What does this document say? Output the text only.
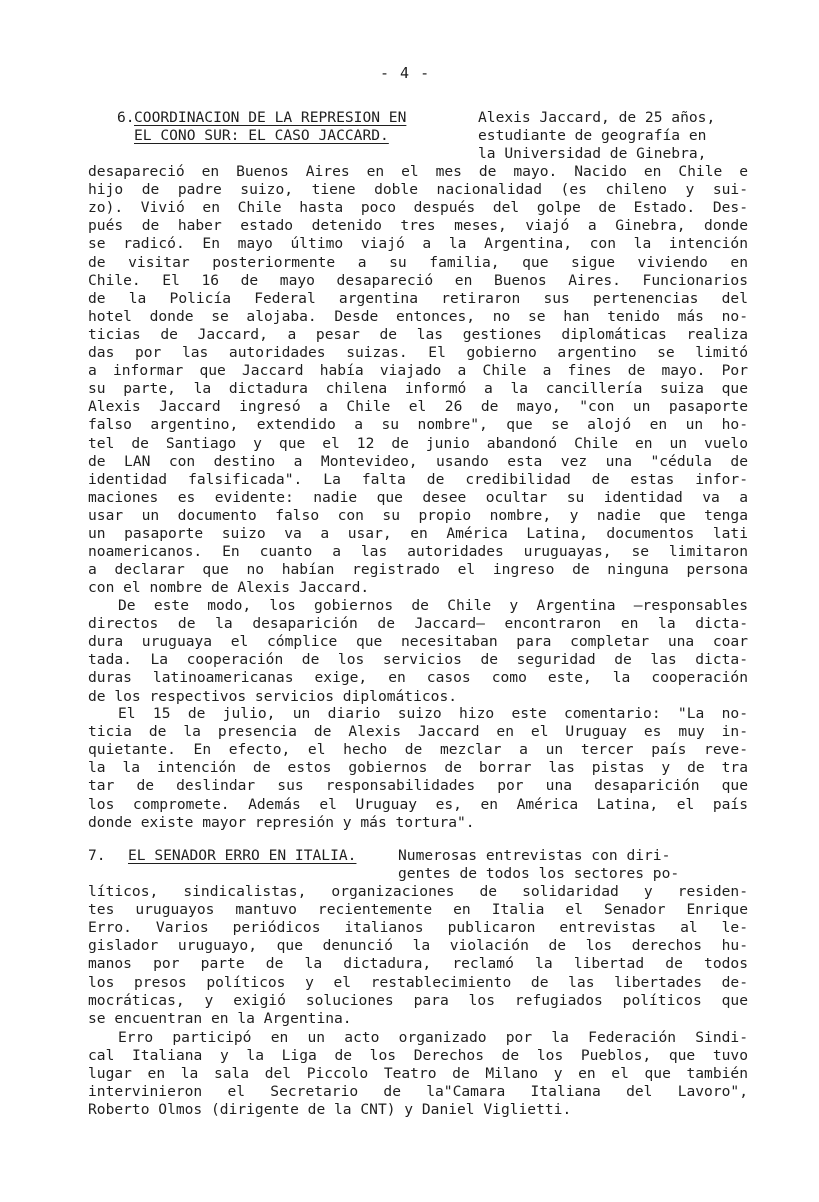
- 4 -
6. COORDINACION DE LA REPRESION EN
EL CONO SUR: EL CASO JACCARD.
Alexis Jaccard, de 25 años,
estudiante de geografía en
la Universidad de Ginebra,
desapareció en Buenos Aires en el mes de mayo. Nacido en Chile e
hijo de padre suizo, tiene doble nacionalidad (es chileno y sui-
zo). Vivió en Chile hasta poco después del golpe de Estado. Des-
pués de haber estado detenido tres meses, viajó a Ginebra, donde
se radicó. En mayo último viajó a la Argentina, con la intención
de visitar posteriormente a su familia, que sigue viviendo en
Chile. El 16 de mayo desapareció en Buenos Aires. Funcionarios
de la Policía Federal argentina retiraron sus pertenencias del
hotel donde se alojaba. Desde entonces, no se han tenido más no-
ticias de Jaccard, a pesar de las gestiones diplomáticas realiza
das por las autoridades suizas. El gobierno argentino se limitó
a informar que Jaccard había viajado a Chile a fines de mayo. Por
su parte, la dictadura chilena informó a la cancillería suiza que
Alexis Jaccard ingresó a Chile el 26 de mayo, "con un pasaporte
falso argentino, extendido a su nombre", que se alojó en un ho-
tel de Santiago y que el 12 de junio abandonó Chile en un vuelo
de LAN con destino a Montevideo, usando esta vez una "cédula de
identidad falsificada". La falta de credibilidad de estas infor-
maciones es evidente: nadie que desee ocultar su identidad va a
usar un documento falso con su propio nombre, y nadie que tenga
un pasaporte suizo va a usar, en América Latina, documentos lati
noamericanos. En cuanto a las autoridades uruguayas, se limitaron
a declarar que no habían registrado el ingreso de ninguna persona
con el nombre de Alexis Jaccard.
De este modo, los gobiernos de Chile y Argentina —responsables
directos de la desaparición de Jaccard— encontraron en la dicta-
dura uruguaya el cómplice que necesitaban para completar una coar
tada. La cooperación de los servicios de seguridad de las dicta-
duras latinoamericanas exige, en casos como este, la cooperación
de los respectivos servicios diplomáticos.
El 15 de julio, un diario suizo hizo este comentario: "La no-
ticia de la presencia de Alexis Jaccard en el Uruguay es muy in-
quietante. En efecto, el hecho de mezclar a un tercer país reve-
la la intención de estos gobiernos de borrar las pistas y de tra
tar de deslindar sus responsabilidades por una desaparición que
los compromete. Además el Uruguay es, en América Latina, el país
donde existe mayor represión y más tortura".
7. EL SENADOR ERRO EN ITALIA.	Numerosas entrevistas con diri-
gentes de todos los sectores po-
líticos, sindicalistas, organizaciones de solidaridad y residen-
tes uruguayos mantuvo recientemente en Italia el Senador Enrique
Erro. Varios periódicos italianos publicaron entrevistas al le-
gislador uruguayo, que denunció la violación de los derechos hu-
manos por parte de la dictadura, reclamó la libertad de todos
los presos políticos y el restablecimiento de las libertades de-
mocráticas, y exigió soluciones para los refugiados políticos que
se encuentran en la Argentina.
Erro participó en un acto organizado por la Federación Sindi-
cal Italiana y la Liga de los Derechos de los Pueblos, que tuvo
lugar en la sala del Piccolo Teatro de Milano y en el que también
intervinieron el Secretario de la"Camara Italiana del Lavoro",
Roberto Olmos (dirigente de la CNT) y Daniel Viglietti.
